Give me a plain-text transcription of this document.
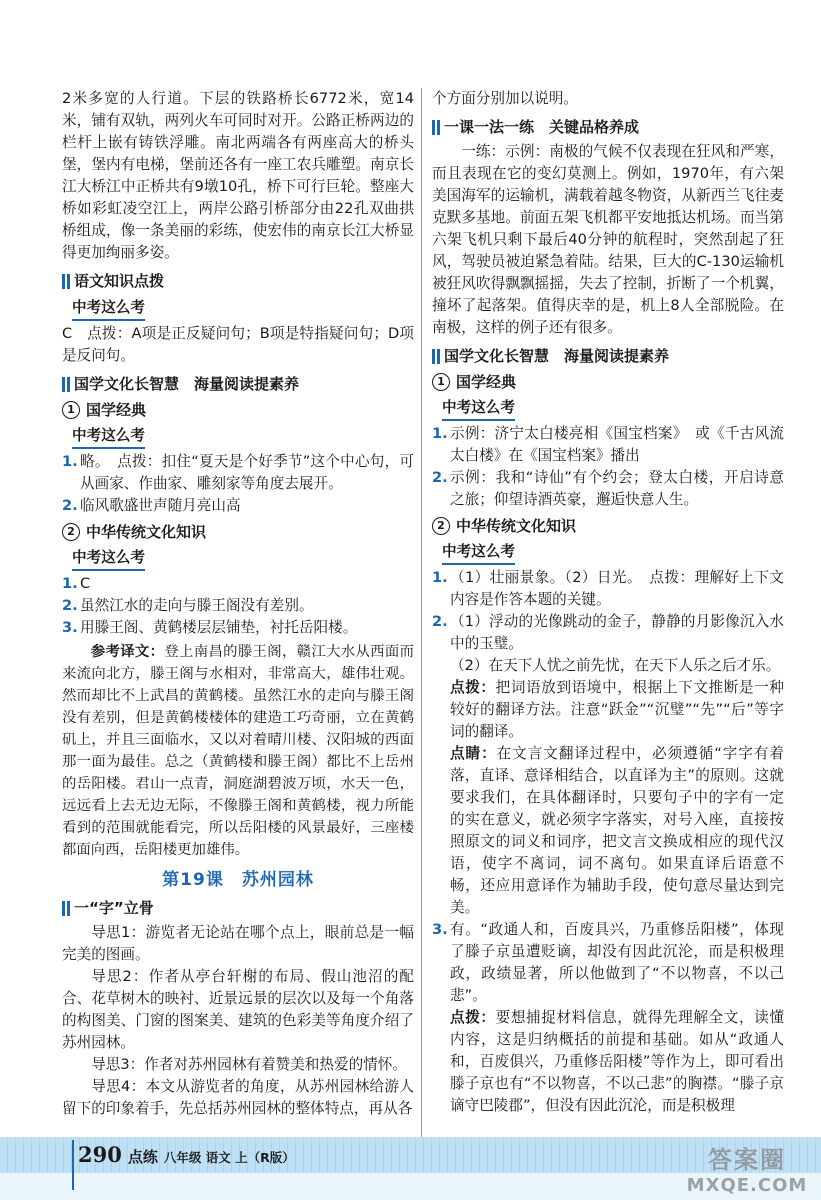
2米多宽的人行道。下层的铁路桥长6772米，宽14米，铺有双轨，两列火车可同时对开。公路正桥两边的栏杆上嵌有铸铁浮雕。南北两端各有两座高大的桥头堡，堡内有电梯，堡前还各有一座工农兵雕塑。南京长江大桥江中正桥共有9墩10孔，桥下可行巨轮。整座大桥如彩虹凌空江上，两岸公路引桥部分由22孔双曲拱桥组成，像一条美丽的彩练，使宏伟的南京长江大桥显得更加绚丽多姿。

语文知识点拨
中考这么考

C　点拨：A项是正反疑问句；B项是特指疑问句；D项是反问句。

国学文化长智慧　海量阅读提素养
1 国学经典
中考这么考
1. 略。　点拨：扣住“夏天是个好季节”这个中心句，可从画家、作曲家、雕刻家等角度去展开。
2. 临风歌盛世声随月亮山高
2 中华传统文化知识
中考这么考
1. C
2. 虽然江水的走向与滕王阁没有差别。
3. 用滕王阁、黄鹤楼层层铺垫，衬托岳阳楼。

参考译文：登上南昌的滕王阁，赣江大水从西面而来流向北方，滕王阁与水相对，非常高大，雄伟壮观。然而却比不上武昌的黄鹤楼。虽然江水的走向与滕王阁没有差别，但是黄鹤楼楼体的建造工巧奇丽，立在黄鹤矶上，并且三面临水，又以对着晴川楼、汉阳城的西面那一面为最佳。总之（黄鹤楼和滕王阁）都比不上岳州的岳阳楼。君山一点青，洞庭湖碧波万顷，水天一色，远远看上去无边无际，不像滕王阁和黄鹤楼，视力所能看到的范围就能看完，所以岳阳楼的风景最好，三座楼都面向西，岳阳楼更加雄伟。

第19课　苏州园林
一“字”立骨

导思1：游览者无论站在哪个点上，眼前总是一幅完美的图画。

导思2：作者从亭台轩榭的布局、假山池沼的配合、花草树木的映衬、近景远景的层次以及每一个角落的构图美、门窗的图案美、建筑的色彩美等角度介绍了苏州园林。

导思3：作者对苏州园林有着赞美和热爱的情怀。

导思4：本文从游览者的角度，从苏州园林给游人留下的印象着手，先总括苏州园林的整体特点，再从各

个方面分别加以说明。

一课一法一练　关键品格养成

一练：示例：南极的气候不仅表现在狂风和严寒，而且表现在它的变幻莫测上。例如，1970年，有六架美国海军的运输机，满载着越冬物资，从新西兰飞往麦克默多基地。前面五架飞机都平安地抵达机场。而当第六架飞机只剩下最后40分钟的航程时，突然刮起了狂风，驾驶员被迫紧急着陆。结果，巨大的C-130运输机被狂风吹得飘飘摇摇，失去了控制，折断了一个机翼，撞坏了起落架。值得庆幸的是，机上8人全部脱险。在南极，这样的例子还有很多。

国学文化长智慧　海量阅读提素养
1 国学经典
中考这么考
1. 示例：济宁太白楼亮相《国宝档案》　或《千古风流太白楼》在《国宝档案》播出
2. 示例：我和“诗仙”有个约会；登太白楼，开启诗意之旅；仰望诗酒英豪，邂逅快意人生。
2 中华传统文化知识
中考这么考
1. （1）壮丽景象。（2）日光。　点拨：理解好上下文内容是作答本题的关键。
2. （1）浮动的光像跳动的金子，静静的月影像沉入水中的玉璧。

（2）在天下人忧之前先忧，在天下人乐之后才乐。

点拨：把词语放到语境中，根据上下文推断是一种较好的翻译方法。注意“跃金”“沉璧”“先”“后”等字词的翻译。

点睛：在文言文翻译过程中，必须遵循“字字有着落，直译、意译相结合，以直译为主”的原则。这就要求我们，在具体翻译时，只要句子中的字有一定的实在意义，就必须字字落实，对号入座，直接按照原文的词义和词序，把文言文换成相应的现代汉语，使字不离词，词不离句。如果直译后语意不畅，还应用意译作为辅助手段，使句意尽量达到完美。

3. 有。“政通人和，百废具兴，乃重修岳阳楼”，体现了滕子京虽遭贬谪，却没有因此沉沦，而是积极理政，政绩显著，所以他做到了“不以物喜，不以己悲”。

点拨：要想捕捉材料信息，就得先理解全文，读懂内容，这是归纳概括的前提和基础。如从“政通人和，百废俱兴，乃重修岳阳楼”等作为上，即可看出滕子京也有“不以物喜，不以己悲”的胸襟。“滕子京谪守巴陵郡”，但没有因此沉沦，而是积极理

290 点练 八年级 语文 上（R版）	答案圈
MXQE.COM
